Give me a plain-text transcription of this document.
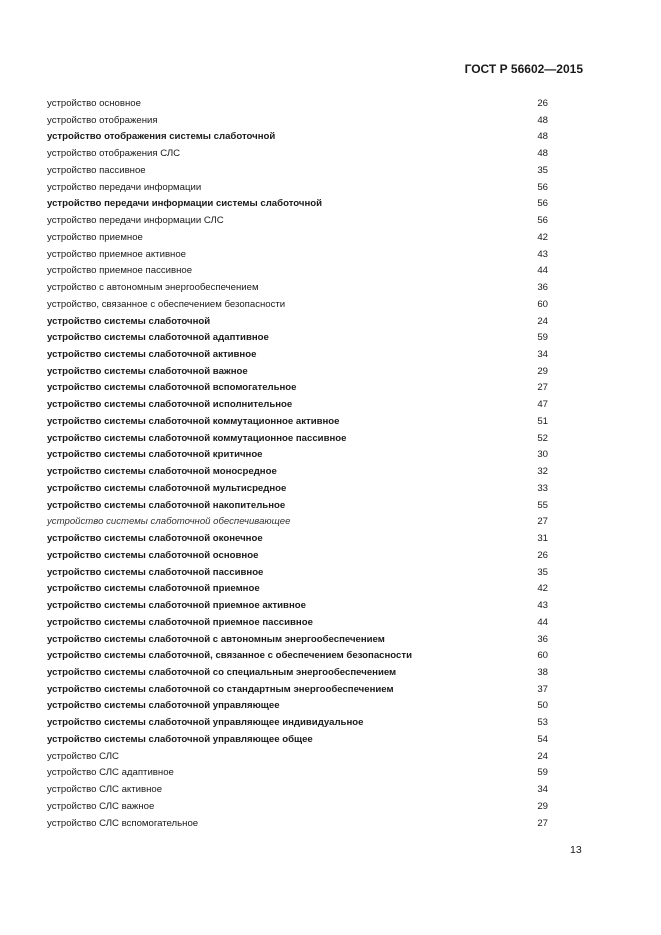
ГОСТ Р 56602—2015
устройство основное	26
устройство отображения	48
устройство отображения системы слаботочной	48
устройство отображения СЛС	48
устройство пассивное	35
устройство передачи информации	56
устройство передачи информации системы слаботочной	56
устройство передачи информации СЛС	56
устройство приемное	42
устройство приемное активное	43
устройство приемное пассивное	44
устройство с автономным энергообеспечением	36
устройство, связанное с обеспечением безопасности	60
устройство системы слаботочной	24
устройство системы слаботочной адаптивное	59
устройство системы слаботочной активное	34
устройство системы слаботочной важное	29
устройство системы слаботочной вспомогательное	27
устройство системы слаботочной исполнительное	47
устройство системы слаботочной коммутационное активное	51
устройство системы слаботочной коммутационное пассивное	52
устройство системы слаботочной критичное	30
устройство системы слаботочной моносредное	32
устройство системы слаботочной мультисредное	33
устройство системы слаботочной накопительное	55
устройство системы слаботочной обеспечивающее	27
устройство системы слаботочной оконечное	31
устройство системы слаботочной основное	26
устройство системы слаботочной пассивное	35
устройство системы слаботочной приемное	42
устройство системы слаботочной приемное активное	43
устройство системы слаботочной приемное пассивное	44
устройство системы слаботочной с автономным энергообеспечением	36
устройство системы слаботочной, связанное с обеспечением безопасности	60
устройство системы слаботочной со специальным энергообеспечением	38
устройство системы слаботочной со стандартным энергообеспечением	37
устройство системы слаботочной управляющее	50
устройство системы слаботочной управляющее индивидуальное	53
устройство системы слаботочной управляющее общее	54
устройство СЛС	24
устройство СЛС адаптивное	59
устройство СЛС активное	34
устройство СЛС важное	29
устройство СЛС вспомогательное	27
13
